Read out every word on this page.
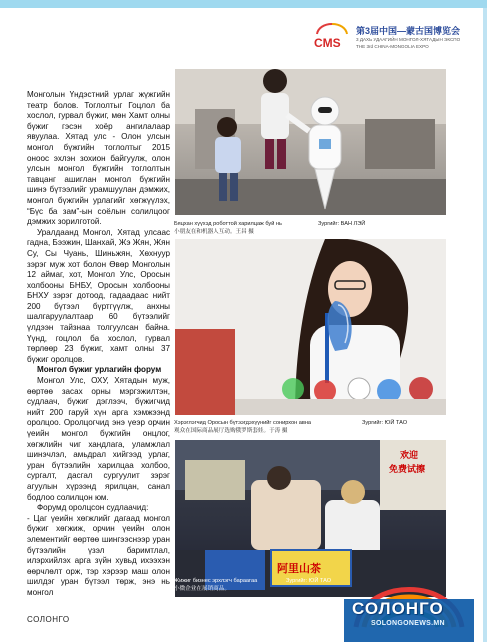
CMS
第3届中国—蒙古国博览会
3 ДАХЬ УДААГИЙН МОНГОЛ-ХЯТАДЫН ЭКСПО
THE 3rd CHINA-MONGOLIA EXPO

Монголын Үндэстний урлаг жүжгийн театр болов. Тоглолтыг Гоцлол ба хослол, гурвал бүжиг, мөн Хамт олны бүжиг гэсэн хоёр ангилалаар явуулаа. Хятад улс - Олон улсын монгол бүжгийн тоглолтыг 2015 оноос эхлэн зохион байгуулж, олон улсын монгол бүжгийн тоглолтын тавцанг ашиглан монгол бүжгийн шинэ бүтээлийг урамшуулан дэмжих, монгол бүжгийн урлагийг хөгжүүлэх, “Бүс ба зам”-ын соёлын солилцоог дэмжих зорилготой.

Уралдаанд Монгол, Хятад улсаас гадна, Бээжин, Шанхай, Жэ Жян, Жян Су, Сы Чуань, Шиньжян, Хөхнуур зэрэг муж хот болон Өвөр Монголын 12 аймаг, хот, Монгол Улс, Оросын холбооны БНБУ, Оросын холбооны БНХУ зэрэг дотоод, гадаадаас нийт 200 бүтээл бүртгүүлж, анхны шалгаруулалтаар 60 бүтээлийг үлдээн тайзнаа толгуулсан байна. Үүнд, гоцлол ба хослол, гурвал төрлөөр 23 бүжиг, хамт олны 37 бүжиг оролцов.

Монгол бүжиг урлагийн форум

Монгол Улс, ОХУ, Хятадын муж, өөртөө засах орны мэргэжилтэн, судлаач, бүжиг дэглээч, бүжигчид нийт 200 гаруй хүн арга хэмжээнд оролцоо. Оролцогчид энэ үеэр орчин үеийн монгол бүжгийн онцлог, хөгжлийн чиг хандлага, уламжлал шинэчлэл, амьдрал хийгээд урлаг, уран бүтээлийн харилцаа холбоо, сургалт, дасгал сургуулит зэрэг агуулын хүрээнд ярилцан, санал бодлоо солилцон юм.

Форумд оролцсон судлаачид:

- Цаг үеийн хөгжлийг дагаад монгол бүжиг хөгжиж, орчин үеийн олон элементийг өөртөө шингээснээр уран бүтээлийн үзэл баримтлал, илэрхийлэх арга зүйн хувьд ихээхэн өөрчлөлт орж, тэр хэрээр маш олон шилдэг уран бүтээл төрж, энэ нь монгол

Бяцхан хүүхэд роботтой харилцаж буй нь
小朋友在和机器人互动。王昌 摄
Зургийг: ВАН ЛЭЙ
Хэрэглэгчид Оросын бүтээгдэхүүнийг сонирхон авна
观众在国际商品展厅选购俄罗斯套娃。于涛 摄
Зургийг: ЮЙ ТАО
欢迎
免费试擦
阿里山茶
Жижиг бизнес эрхлэгч бараагаа
小微企业在展销商品。
Зургийг: ЮЙ ТАО
СОЛОНГО
СОЛОНГО
SOLONGONEWS.MN
